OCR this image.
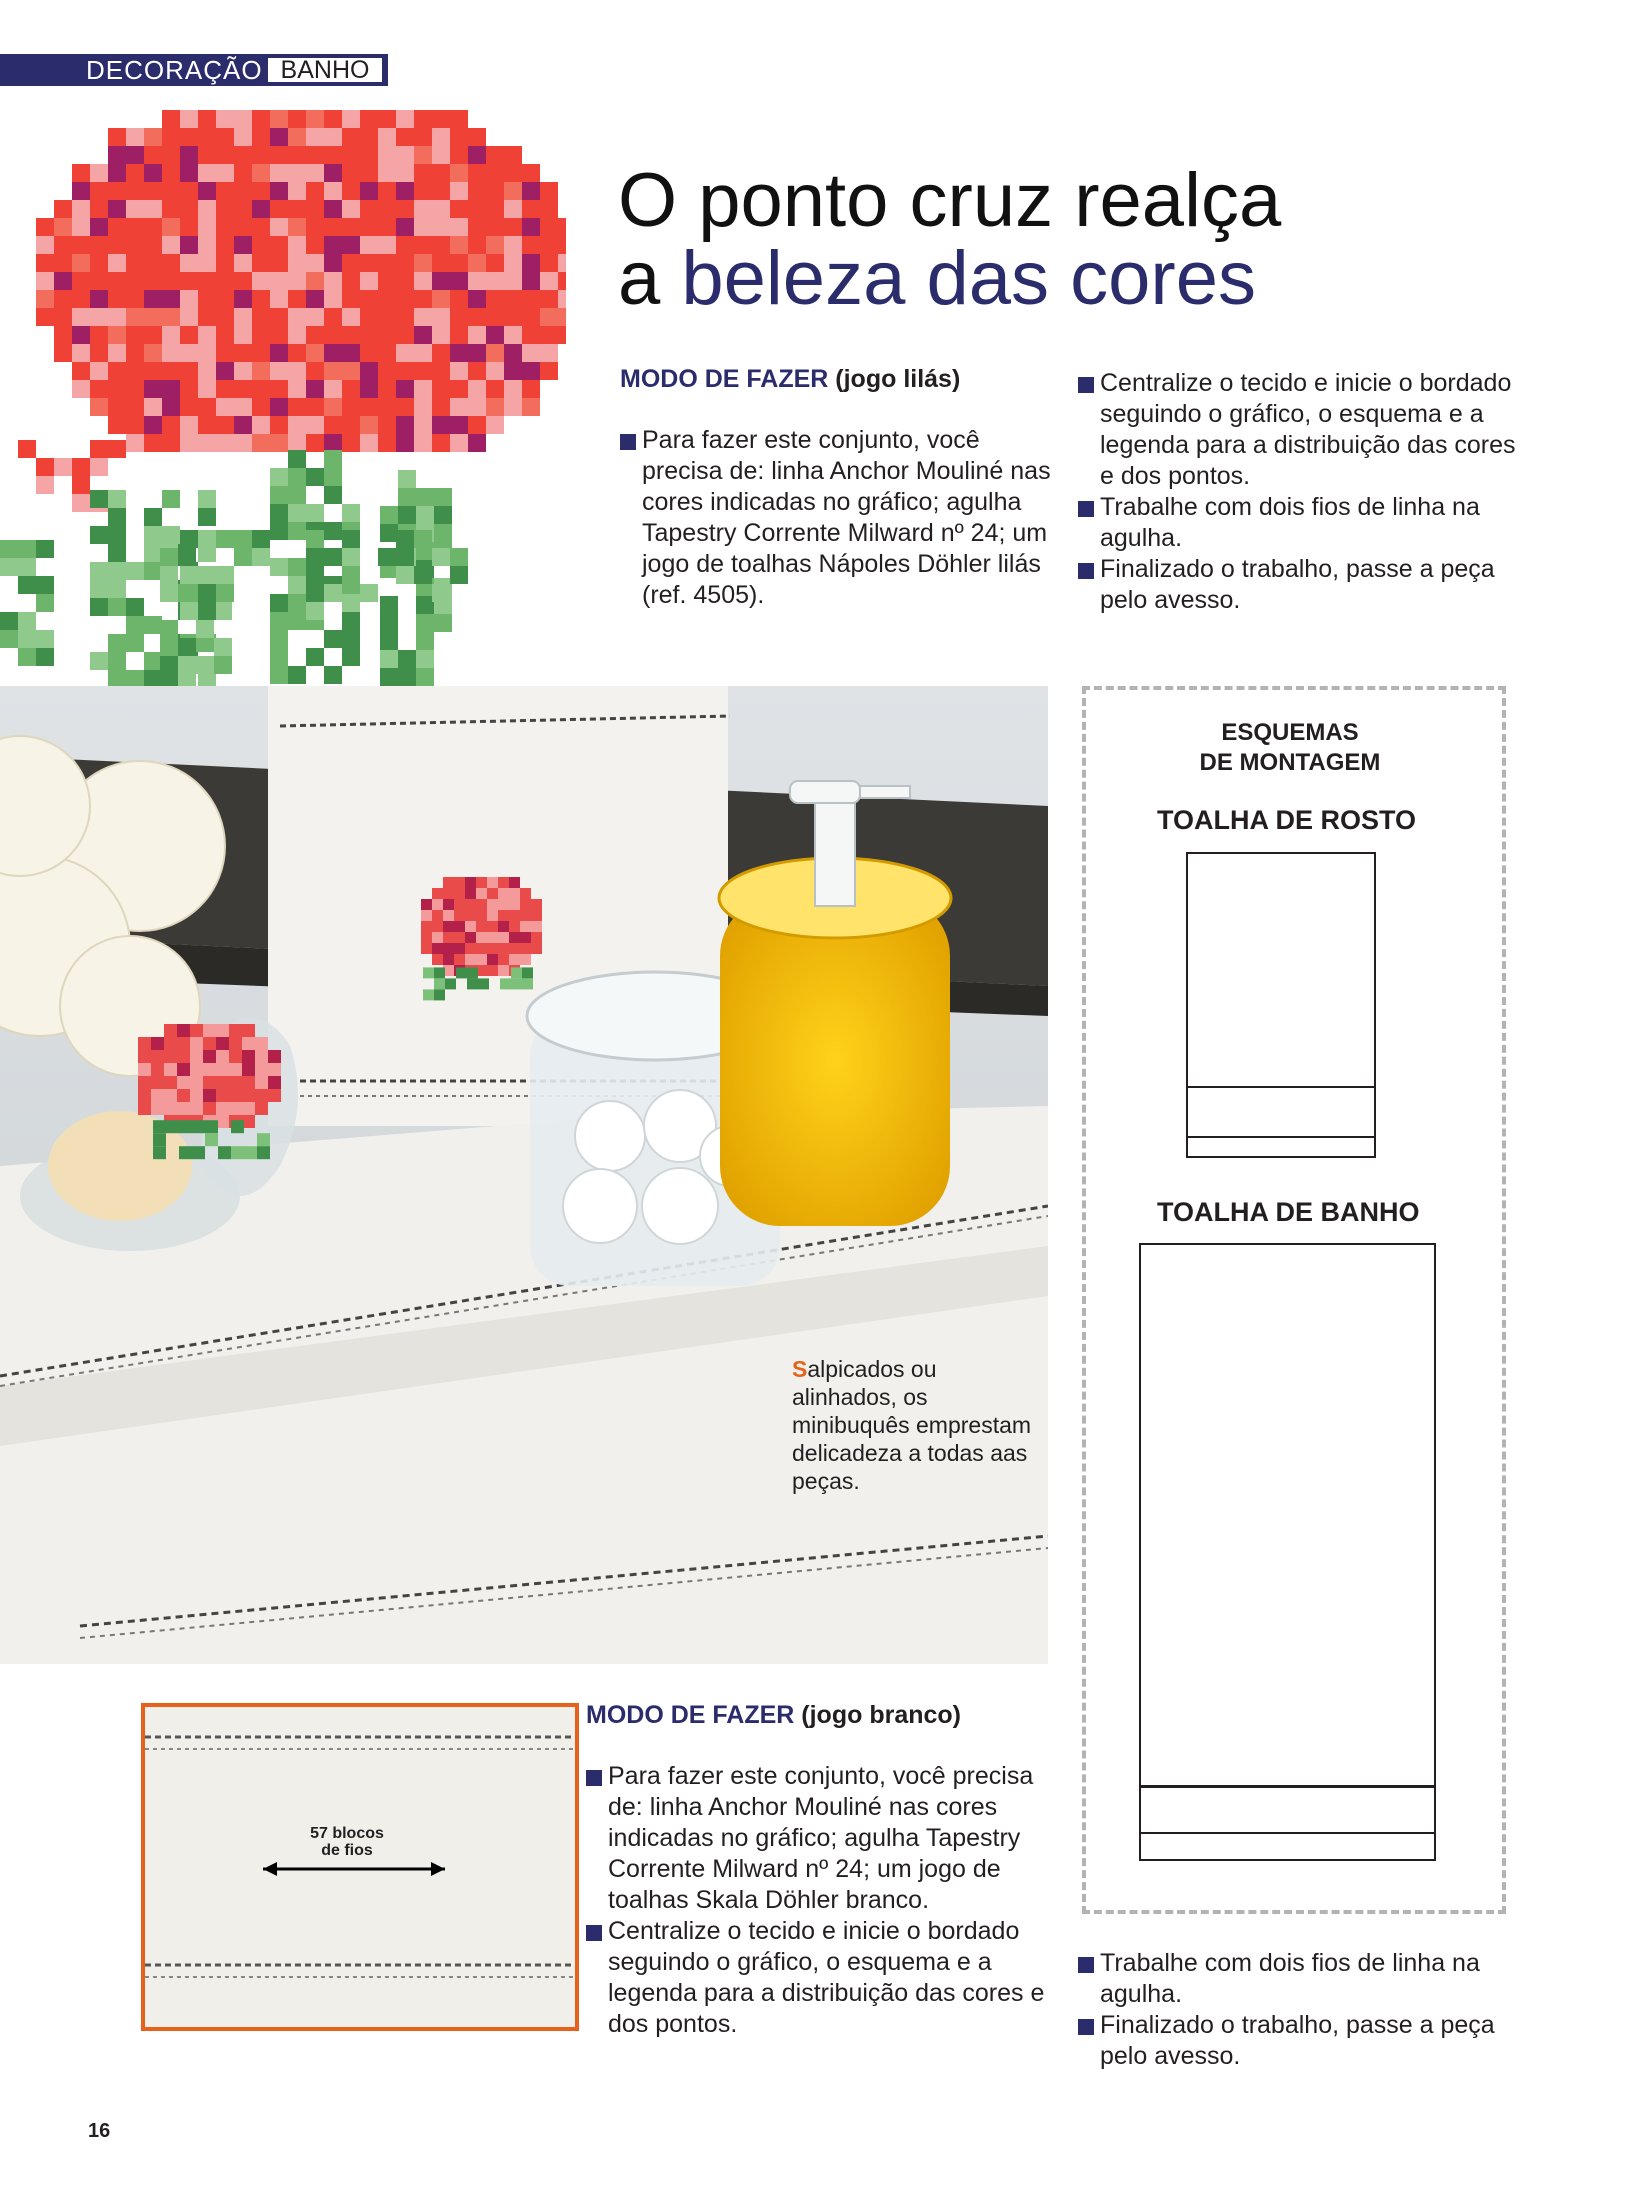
DECORAÇÃO BANHO
O ponto cruz realça
a beleza das cores
MODO DE FAZER (jogo lilás)
Para fazer este conjunto, você precisa de: linha Anchor Mouliné nas cores indicadas no gráfico; agulha Tapestry Corrente Milward nº 24; um jogo de toalhas Nápoles Döhler lilás (ref. 4505).
Centralize o tecido e inicie o bordado seguindo o gráfico, o esquema e a legenda para a distribuição das cores e dos pontos.
Trabalhe com dois fios de linha na agulha.
Finalizado o trabalho, passe a peça pelo avesso.
Salpicados ou alinhados, os minibuquês emprestam delicadeza a todas aas peças.
57 blocos
de fios
MODO DE FAZER (jogo branco)
Para fazer este conjunto, você precisa de: linha Anchor Mouliné nas cores indicadas no gráfico; agulha Tapestry Corrente Milward nº 24; um jogo de toalhas Skala Döhler branco.
Centralize o tecido e inicie o bordado seguindo o gráfico, o esquema e a legenda para a distribuição das cores e dos pontos.
Trabalhe com dois fios de linha na agulha.
Finalizado o trabalho, passe a peça pelo avesso.
ESQUEMAS
DE MONTAGEM
TOALHA DE ROSTO
TOALHA DE BANHO
16
